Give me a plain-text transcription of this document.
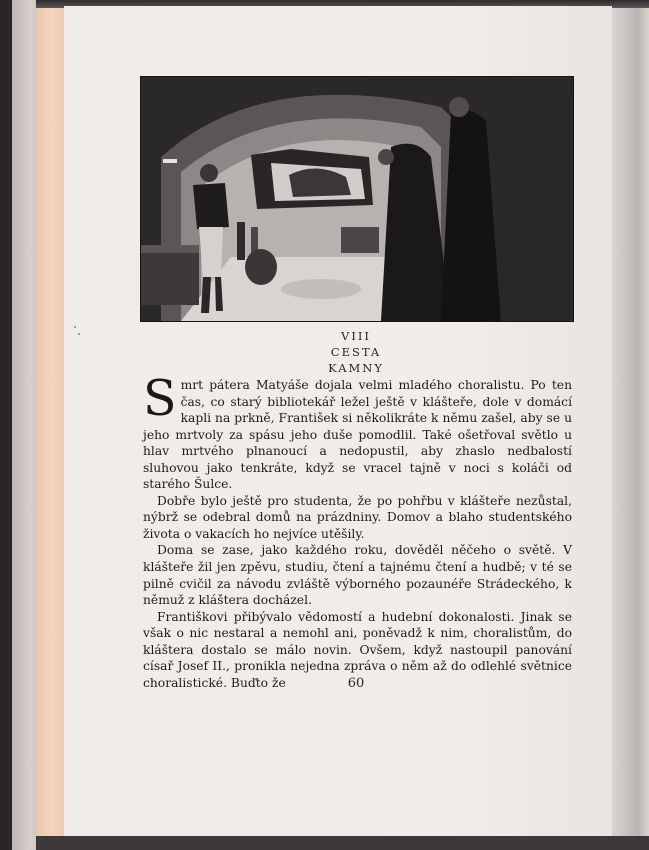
VIII
CESTA
KAMNY

Smrt pátera Matyáše dojala velmi mladého choralistu. Po ten čas, co starý bibliotekář ležel ještě v klášteře, dole v domácí kapli na prkně, František si několikráte k němu zašel, aby se u jeho mrtvoly za spásu jeho duše pomodlil. Také ošetřoval světlo u hlav mrtvého plnanoucí a nedopustil, aby zhaslo nedbalostí sluhovou jako tenkráte, když se vracel tajně v noci s koláči od starého Šulce.

Dobře bylo ještě pro studenta, že po pohřbu v klášteře nezůstal, nýbrž se odebral domů na prázdniny. Domov a blaho studentského života o vakacích ho nejvíce utěšily.

Doma se zase, jako každého roku, dověděl něčeho o světě. V klášteře žil jen zpěvu, studiu, čtení a tajnému čtení a hudbě; v té se pilně cvičil za návodu zvláště výborného pozaunéře Strádeckého, k němuž z kláštera docházel.

Františkovi přibývalo vědomostí a hudební dokonalosti. Jinak se však o nic nestaral a nemohl ani, poněvadž k nim, choralistům, do kláštera dostalo se málo novin. Ovšem, když nastoupil panování císař Josef II., pronikla nejedna zpráva o něm až do odlehlé světnice choralistické. Buďto že	60
